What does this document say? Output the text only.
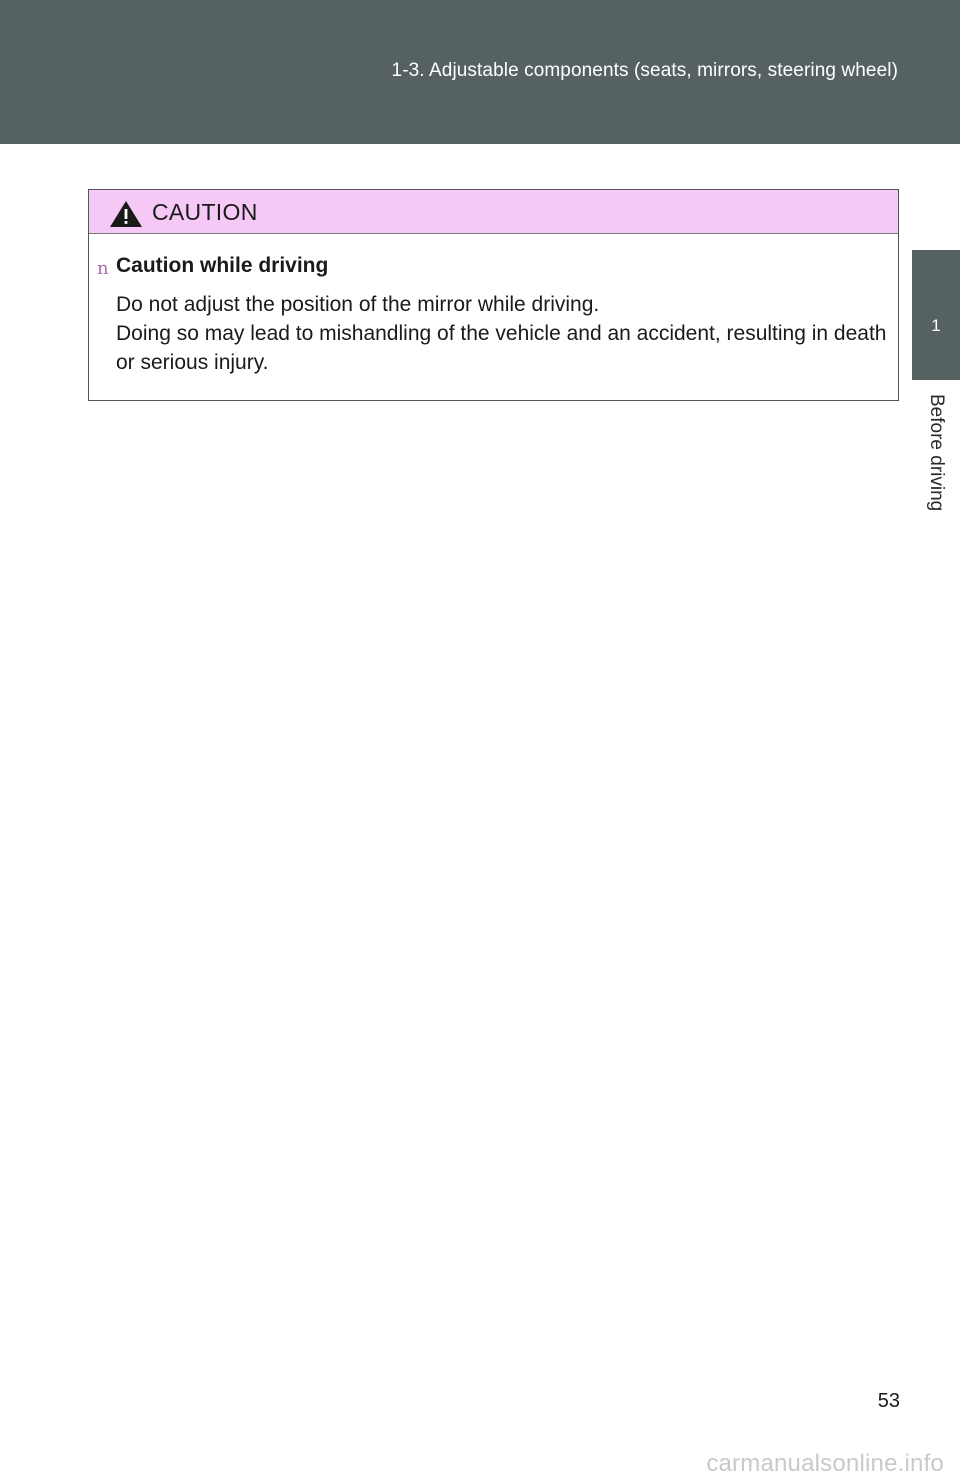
1-3. Adjustable components (seats, mirrors, steering wheel)
1
Before driving
CAUTION
n Caution while driving

Do not adjust the position of the mirror while driving.

Doing so may lead to mishandling of the vehicle and an accident, resulting in death or serious injury.

53
carmanualsonline.info
